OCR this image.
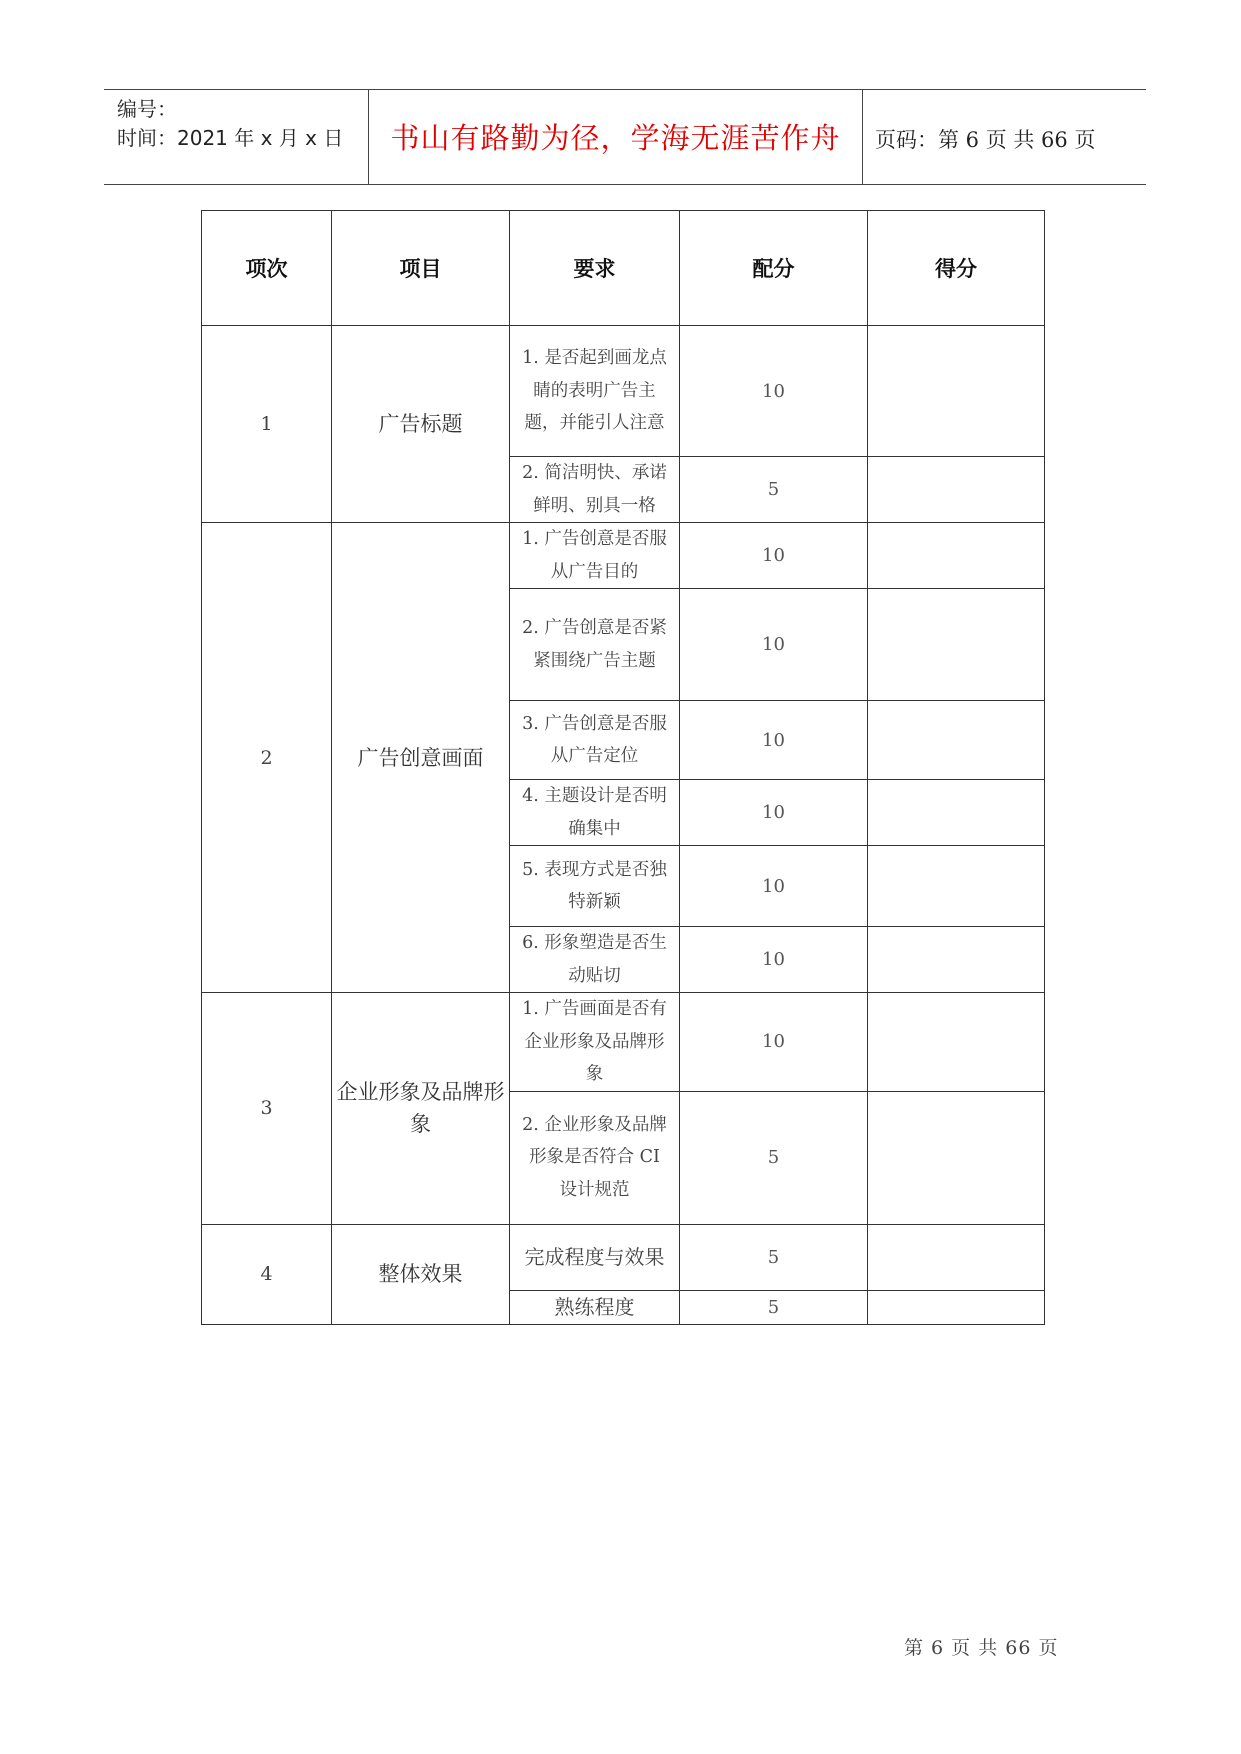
编号：
时间：2021 年 x 月 x 日	书山有路勤为径，学海无涯苦作舟	页码：第 6 页 共 66 页
项次	项目	要求	配分	得分
1	广告标题	1. 是否起到画龙点睛的表明广告主题，并能引人注意	10	
		2. 简洁明快、承诺鲜明、别具一格	5	
2	广告创意画面	1. 广告创意是否服从广告目的	10	
		2. 广告创意是否紧紧围绕广告主题	10	
		3. 广告创意是否服从广告定位	10	
		4. 主题设计是否明确集中	10	
		5. 表现方式是否独特新颖	10	
		6. 形象塑造是否生动贴切	10	
3	企业形象及品牌形象	1. 广告画面是否有企业形象及品牌形象	10	
		2. 企业形象及品牌形象是否符合 CI 设计规范	5	
4	整体效果	完成程度与效果	5	
		熟练程度	5	
第 6 页 共 66 页
